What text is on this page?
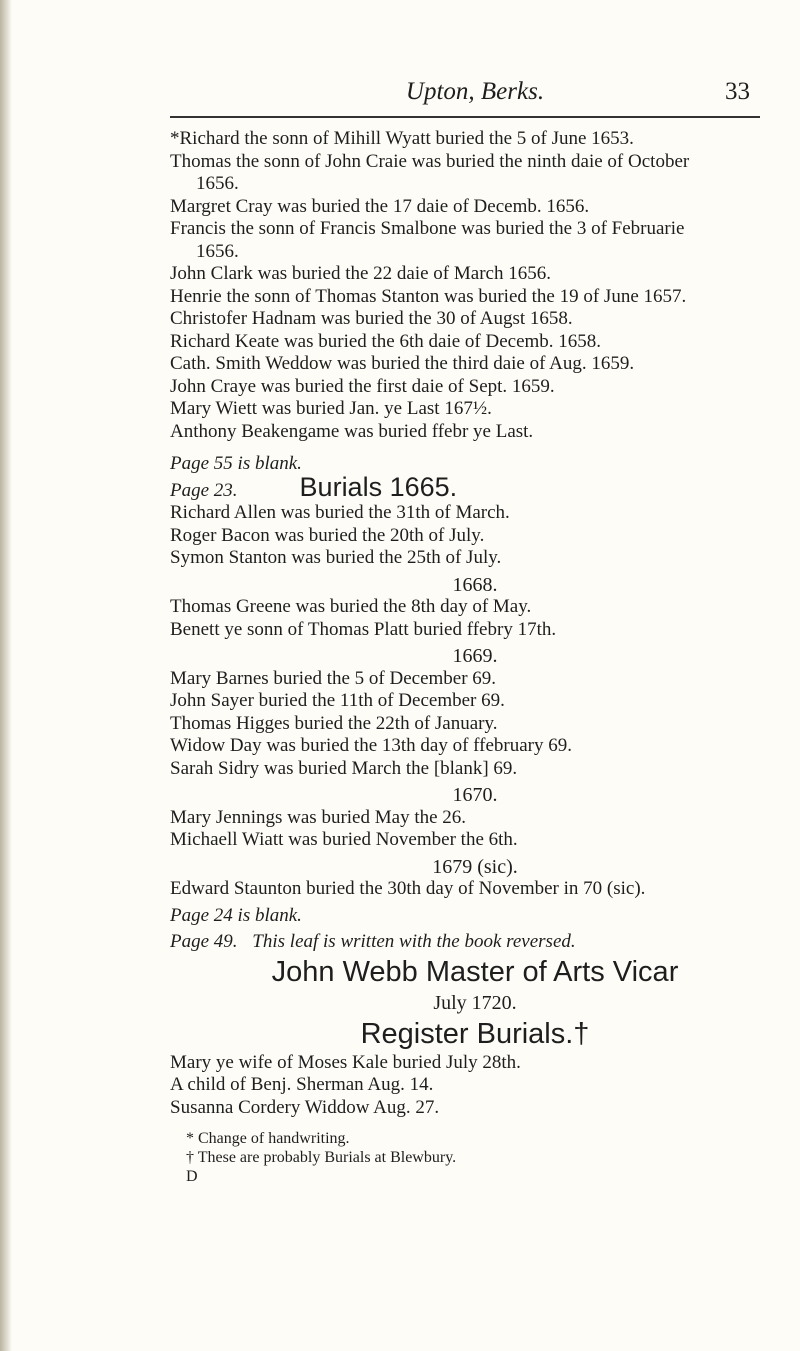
Upton, Berks.	33
*Richard the sonn of Mihill Wyatt buried the 5 of June 1653.
Thomas the sonn of John Craie was buried the ninth daie of October
1656.
Margret Cray was buried the 17 daie of Decemb. 1656.
Francis the sonn of Francis Smalbone was buried the 3 of Februarie
1656.
John Clark was buried the 22 daie of March 1656.
Henrie the sonn of Thomas Stanton was buried the 19 of June 1657.
Christofer Hadnam was buried the 30 of Augst 1658.
Richard Keate was buried the 6th daie of Decemb. 1658.
Cath. Smith Weddow was buried the third daie of Aug. 1659.
John Craye was buried the first daie of Sept. 1659.
Mary Wiett was buried Jan. ye Last 167½.
Anthony Beakengame was buried ffebr ye Last.
Page 55 is blank.
Page 23. Burials 1665.
Richard Allen was buried the 31th of March.
Roger Bacon was buried the 20th of July.
Symon Stanton was buried the 25th of July.
1668.
Thomas Greene was buried the 8th day of May.
Benett ye sonn of Thomas Platt buried ffebry 17th.
1669.
Mary Barnes buried the 5 of December 69.
John Sayer buried the 11th of December 69.
Thomas Higges buried the 22th of January.
Widow Day was buried the 13th day of ffebruary 69.
Sarah Sidry was buried March the [blank] 69.
1670.
Mary Jennings was buried May the 26.
Michaell Wiatt was buried November the 6th.
1679 (sic).
Edward Staunton buried the 30th day of November in 70 (sic).
Page 24 is blank.
Page 49. This leaf is written with the book reversed.
John Webb Master of Arts Vicar
July 1720.
Register Burials.†
Mary ye wife of Moses Kale buried July 28th.
A child of Benj. Sherman Aug. 14.
Susanna Cordery Widdow Aug. 27.
* Change of handwriting.
† These are probably Burials at Blewbury.
D
